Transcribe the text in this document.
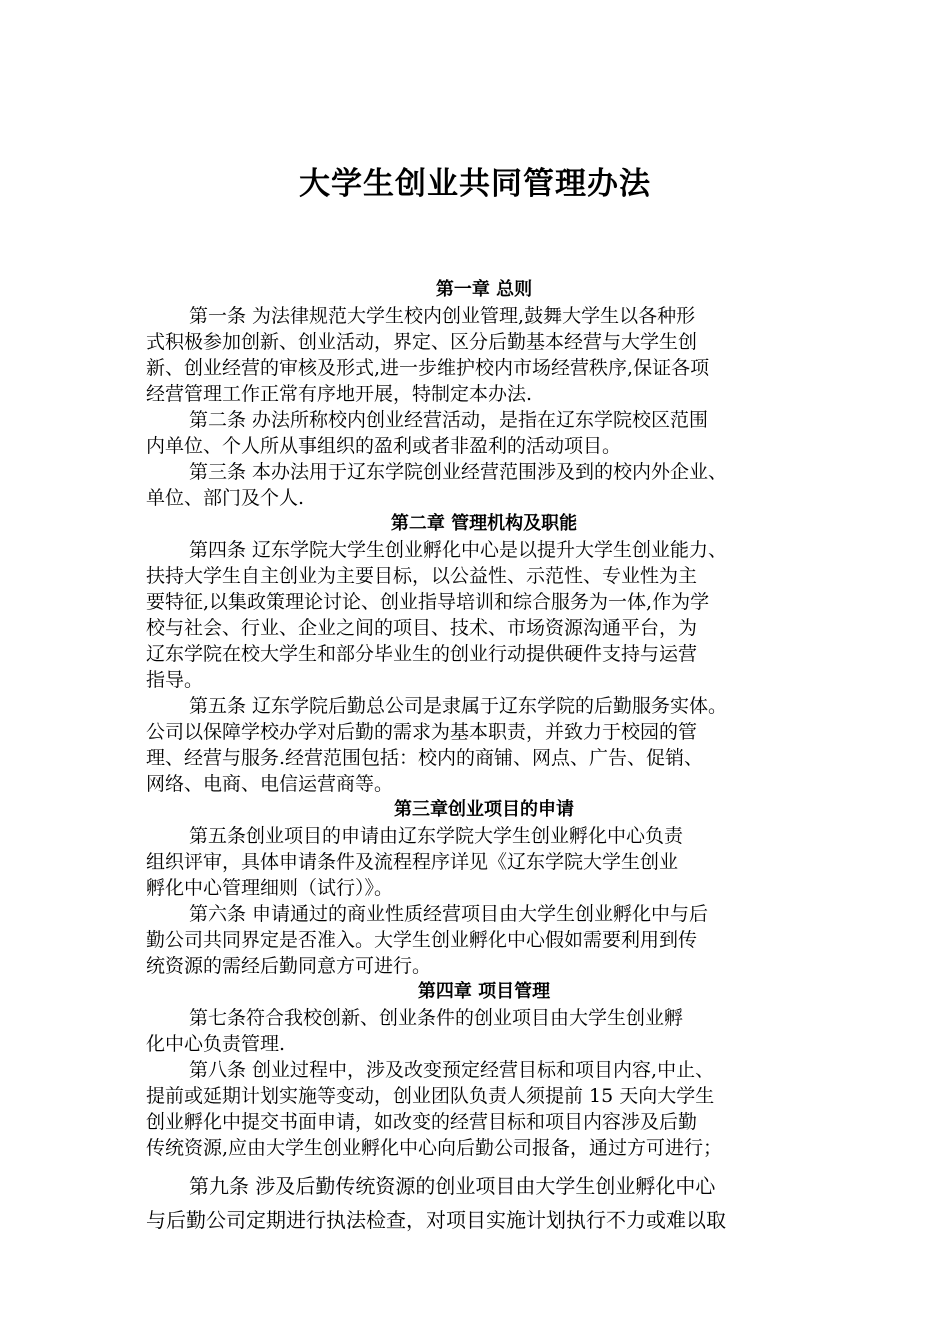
大学生创业共同管理办法
第一章 总则
第一条 为法律规范大学生校内创业管理,鼓舞大学生以各种形
式积极参加创新、创业活动，界定、区分后勤基本经营与大学生创
新、创业经营的审核及形式,进一步维护校内市场经营秩序,保证各项
经营管理工作正常有序地开展，特制定本办法.
第二条 办法所称校内创业经营活动，是指在辽东学院校区范围
内单位、个人所从事组织的盈利或者非盈利的活动项目。
第三条 本办法用于辽东学院创业经营范围涉及到的校内外企业、
单位、部门及个人.
第二章 管理机构及职能
第四条 辽东学院大学生创业孵化中心是以提升大学生创业能力、
扶持大学生自主创业为主要目标，以公益性、示范性、专业性为主
要特征,以集政策理论讨论、创业指导培训和综合服务为一体,作为学
校与社会、行业、企业之间的项目、技术、市场资源沟通平台，为
辽东学院在校大学生和部分毕业生的创业行动提供硬件支持与运营
指导。
第五条 辽东学院后勤总公司是隶属于辽东学院的后勤服务实体。
公司以保障学校办学对后勤的需求为基本职责，并致力于校园的管
理、经营与服务.经营范围包括：校内的商铺、网点、广告、促销、
网络、电商、电信运营商等。
第三章创业项目的申请
第五条创业项目的申请由辽东学院大学生创业孵化中心负责
组织评审，具体申请条件及流程程序详见《辽东学院大学生创业
孵化中心管理细则（试行）》。
第六条 申请通过的商业性质经营项目由大学生创业孵化中与后
勤公司共同界定是否准入。大学生创业孵化中心假如需要利用到传
统资源的需经后勤同意方可进行。
第四章 项目管理
第七条符合我校创新、创业条件的创业项目由大学生创业孵
化中心负责管理.
第八条 创业过程中，涉及改变预定经营目标和项目内容,中止、
提前或延期计划实施等变动，创业团队负责人须提前 15 天向大学生
创业孵化中提交书面申请，如改变的经营目标和项目内容涉及后勤
传统资源,应由大学生创业孵化中心向后勤公司报备，通过方可进行；
第九条 涉及后勤传统资源的创业项目由大学生创业孵化中心
与后勤公司定期进行执法检查，对项目实施计划执行不力或难以取
